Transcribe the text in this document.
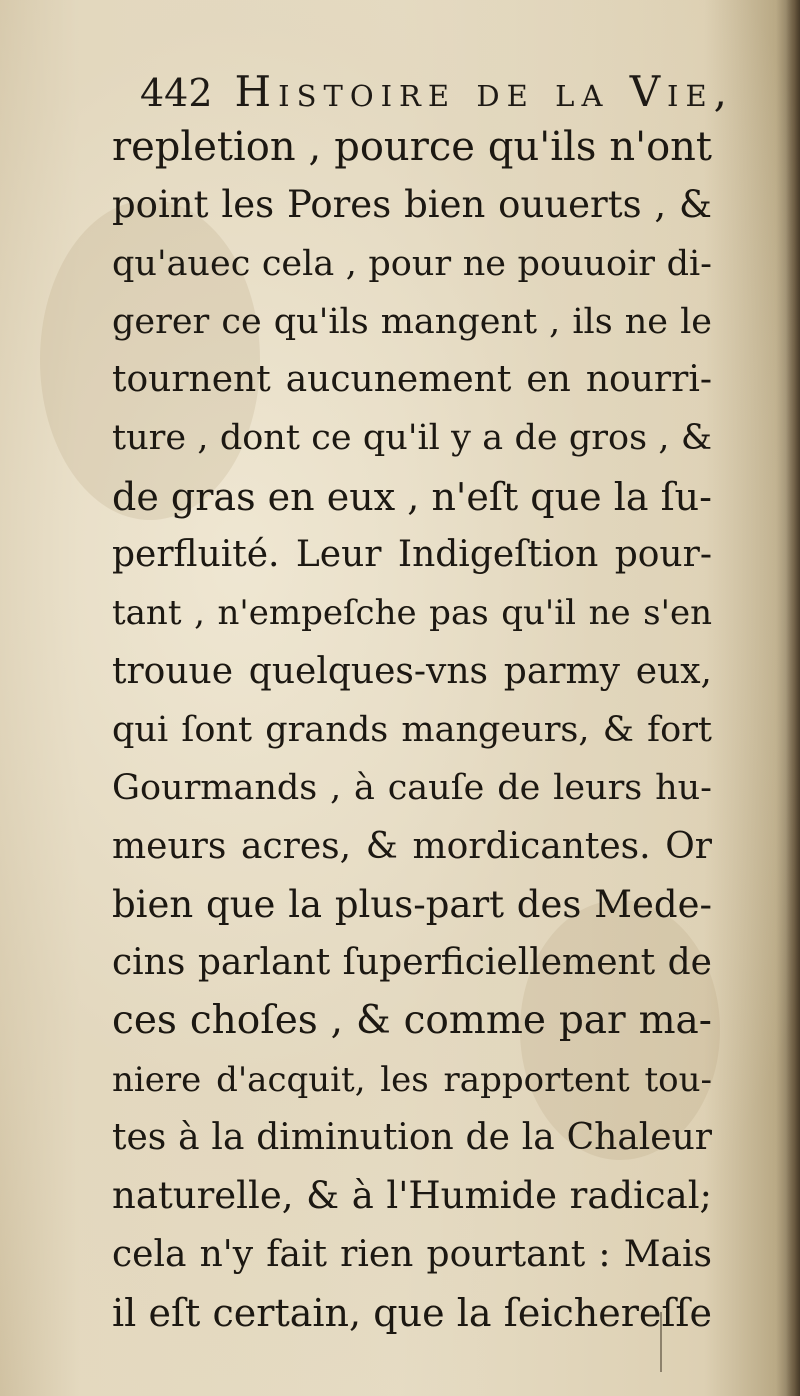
442 Histoire de la Vie,
repletion , pource qu'ils n'ont
point les Pores bien ouuerts , &
qu'auec cela , pour ne pouuoir di-
gerer ce qu'ils mangent , ils ne le
tournent aucunement en nourri-
ture , dont ce qu'il y a de gros , &
de gras en eux , n'eſt que la ſu-
perfluité. Leur Indigeſtion pour-
tant , n'empeſche pas qu'il ne s'en
trouue quelques-vns parmy eux,
qui ſont grands mangeurs, & fort
Gourmands , à cauſe de leurs hu-
meurs acres, & mordicantes. Or
bien que la plus-part des Mede-
cins parlant ſuperficiellement de
ces choſes , & comme par ma-
niere d'acquit, les rapportent tou-
tes à la diminution de la Chaleur
naturelle, & à l'Humide radical;
cela n'y fait rien pourtant : Mais
il eſt certain, que la ſeichereſſe
